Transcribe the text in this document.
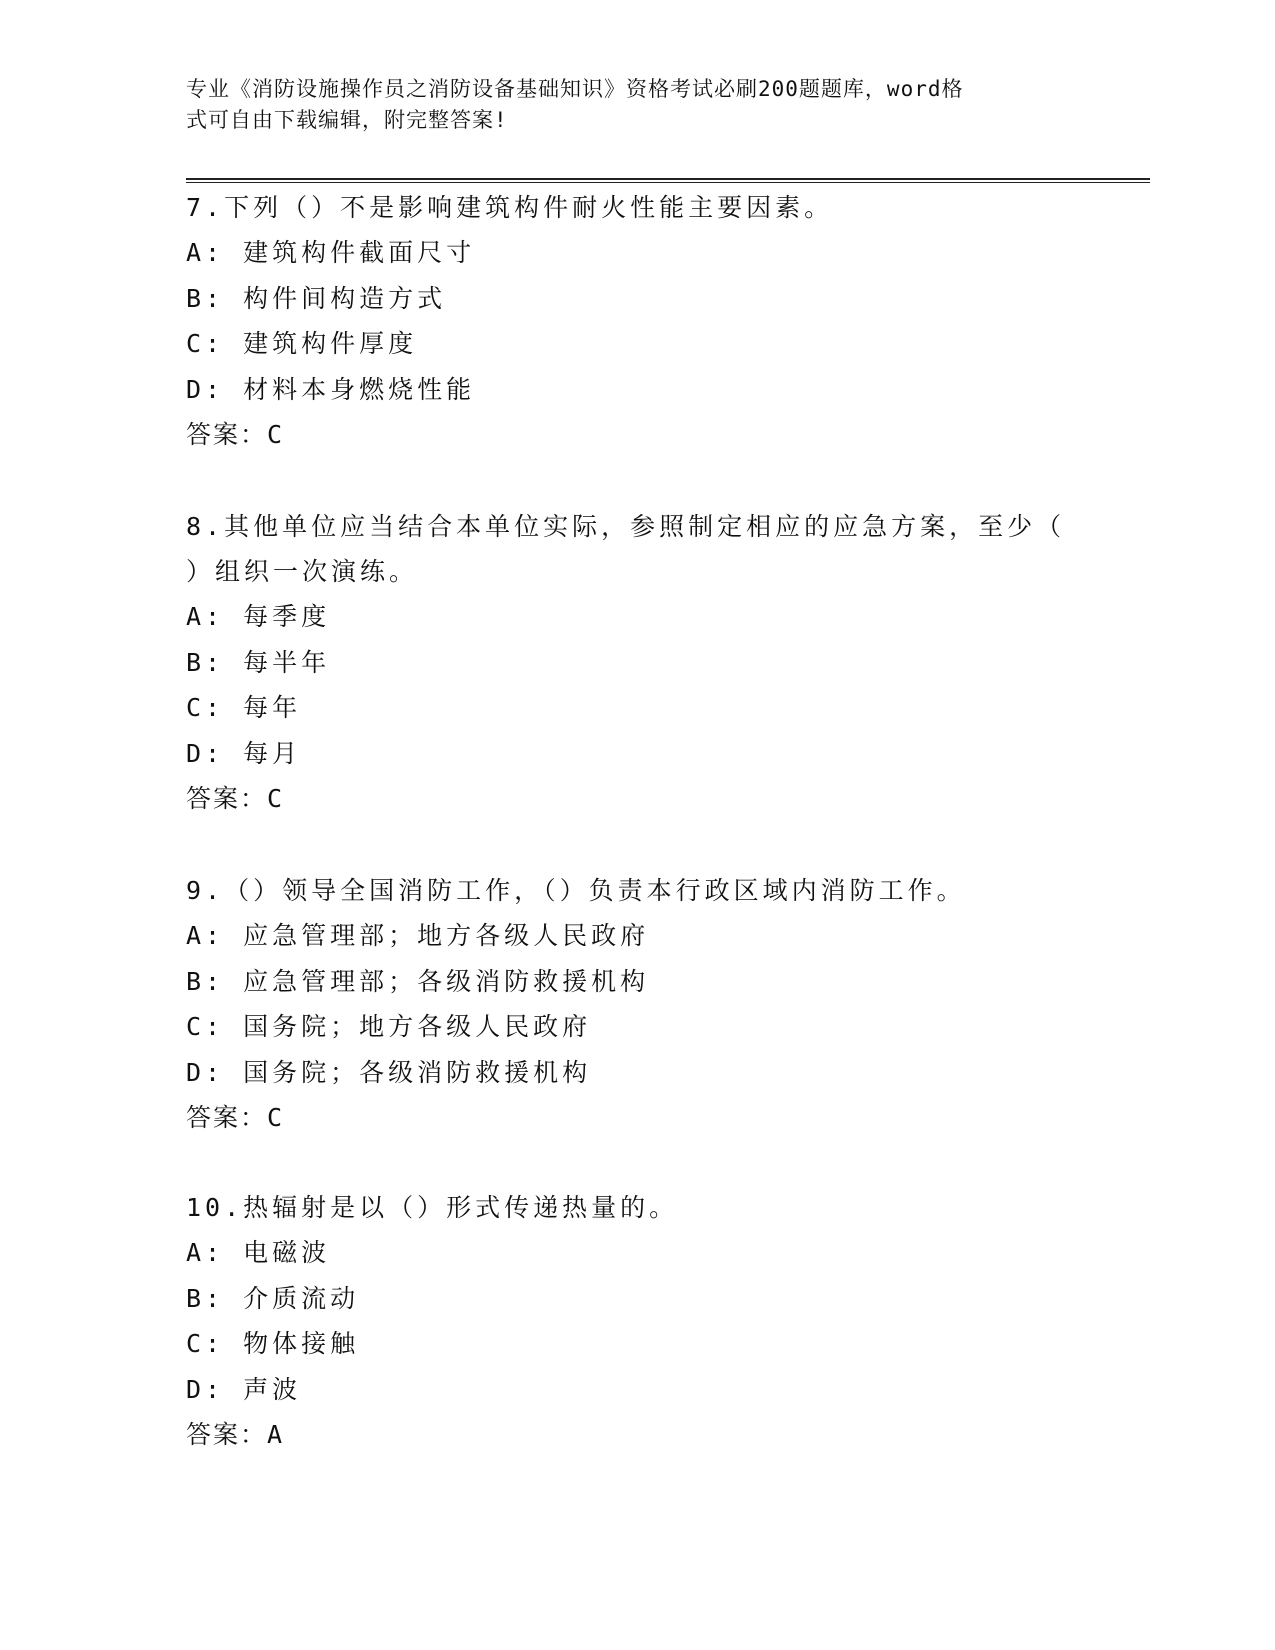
专业《消防设施操作员之消防设备基础知识》资格考试必刷200题题库，word格
式可自由下载编辑，附完整答案!
7.下列（）不是影响建筑构件耐火性能主要因素。
A: 建筑构件截面尺寸
B: 构件间构造方式
C: 建筑构件厚度
D: 材料本身燃烧性能
答案：C
8.其他单位应当结合本单位实际，参照制定相应的应急方案，至少（
）组织一次演练。
A: 每季度
B: 每半年
C: 每年
D: 每月
答案：C
9.（）领导全国消防工作，（）负责本行政区域内消防工作。
A: 应急管理部；地方各级人民政府
B: 应急管理部；各级消防救援机构
C: 国务院；地方各级人民政府
D: 国务院；各级消防救援机构
答案：C
10.热辐射是以（）形式传递热量的。
A: 电磁波
B: 介质流动
C: 物体接触
D: 声波
答案：A
